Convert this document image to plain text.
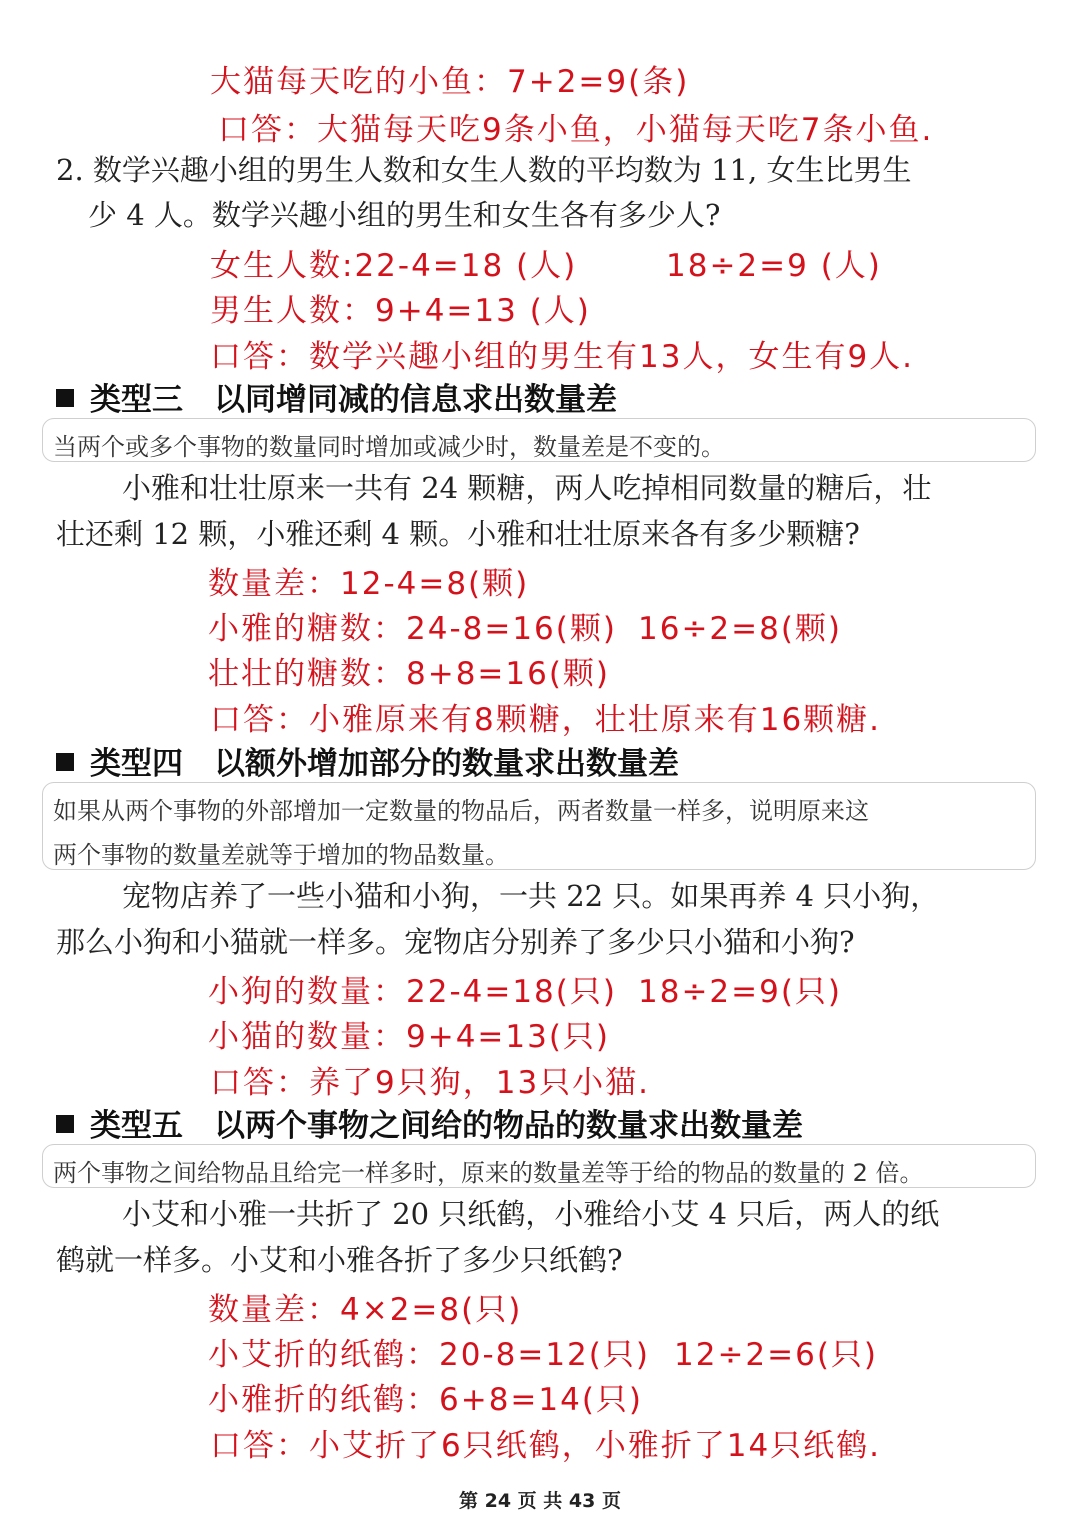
大猫每天吃的小鱼：7+2=9(条)
口答：大猫每天吃9条小鱼，小猫每天吃7条小鱼.
2. 数学兴趣小组的男生人数和女生人数的平均数为 11, 女生比男生
少 4 人。数学兴趣小组的男生和女生各有多少人?
女生人数:22-4=18 (人)	18÷2=9 (人)
男生人数：9+4=13 (人)
口答：数学兴趣小组的男生有13人，女生有9人.
类型三　以同增同减的信息求出数量差
当两个或多个事物的数量同时增加或减少时，数量差是不变的。
小雅和壮壮原来一共有 24 颗糖，两人吃掉相同数量的糖后，壮
壮还剩 12 颗，小雅还剩 4 颗。小雅和壮壮原来各有多少颗糖?
数量差：12-4=8(颗)
小雅的糖数：24-8=16(颗) 16÷2=8(颗)
壮壮的糖数：8+8=16(颗)
口答：小雅原来有8颗糖，壮壮原来有16颗糖.
类型四　以额外增加部分的数量求出数量差
如果从两个事物的外部增加一定数量的物品后，两者数量一样多，说明原来这
两个事物的数量差就等于增加的物品数量。
宠物店养了一些小猫和小狗，一共 22 只。如果再养 4 只小狗，
那么小狗和小猫就一样多。宠物店分别养了多少只小猫和小狗?
小狗的数量：22-4=18(只) 18÷2=9(只)
小猫的数量：9+4=13(只)
口答：养了9只狗，13只小猫.
类型五　以两个事物之间给的物品的数量求出数量差
两个事物之间给物品且给完一样多时，原来的数量差等于给的物品的数量的 2 倍。
小艾和小雅一共折了 20 只纸鹤，小雅给小艾 4 只后，两人的纸
鹤就一样多。小艾和小雅各折了多少只纸鹤?
数量差：4×2=8(只)
小艾折的纸鹤：20-8=12(只) 12÷2=6(只)
小雅折的纸鹤：6+8=14(只)
口答：小艾折了6只纸鹤，小雅折了14只纸鹤.
第 24 页 共 43 页
